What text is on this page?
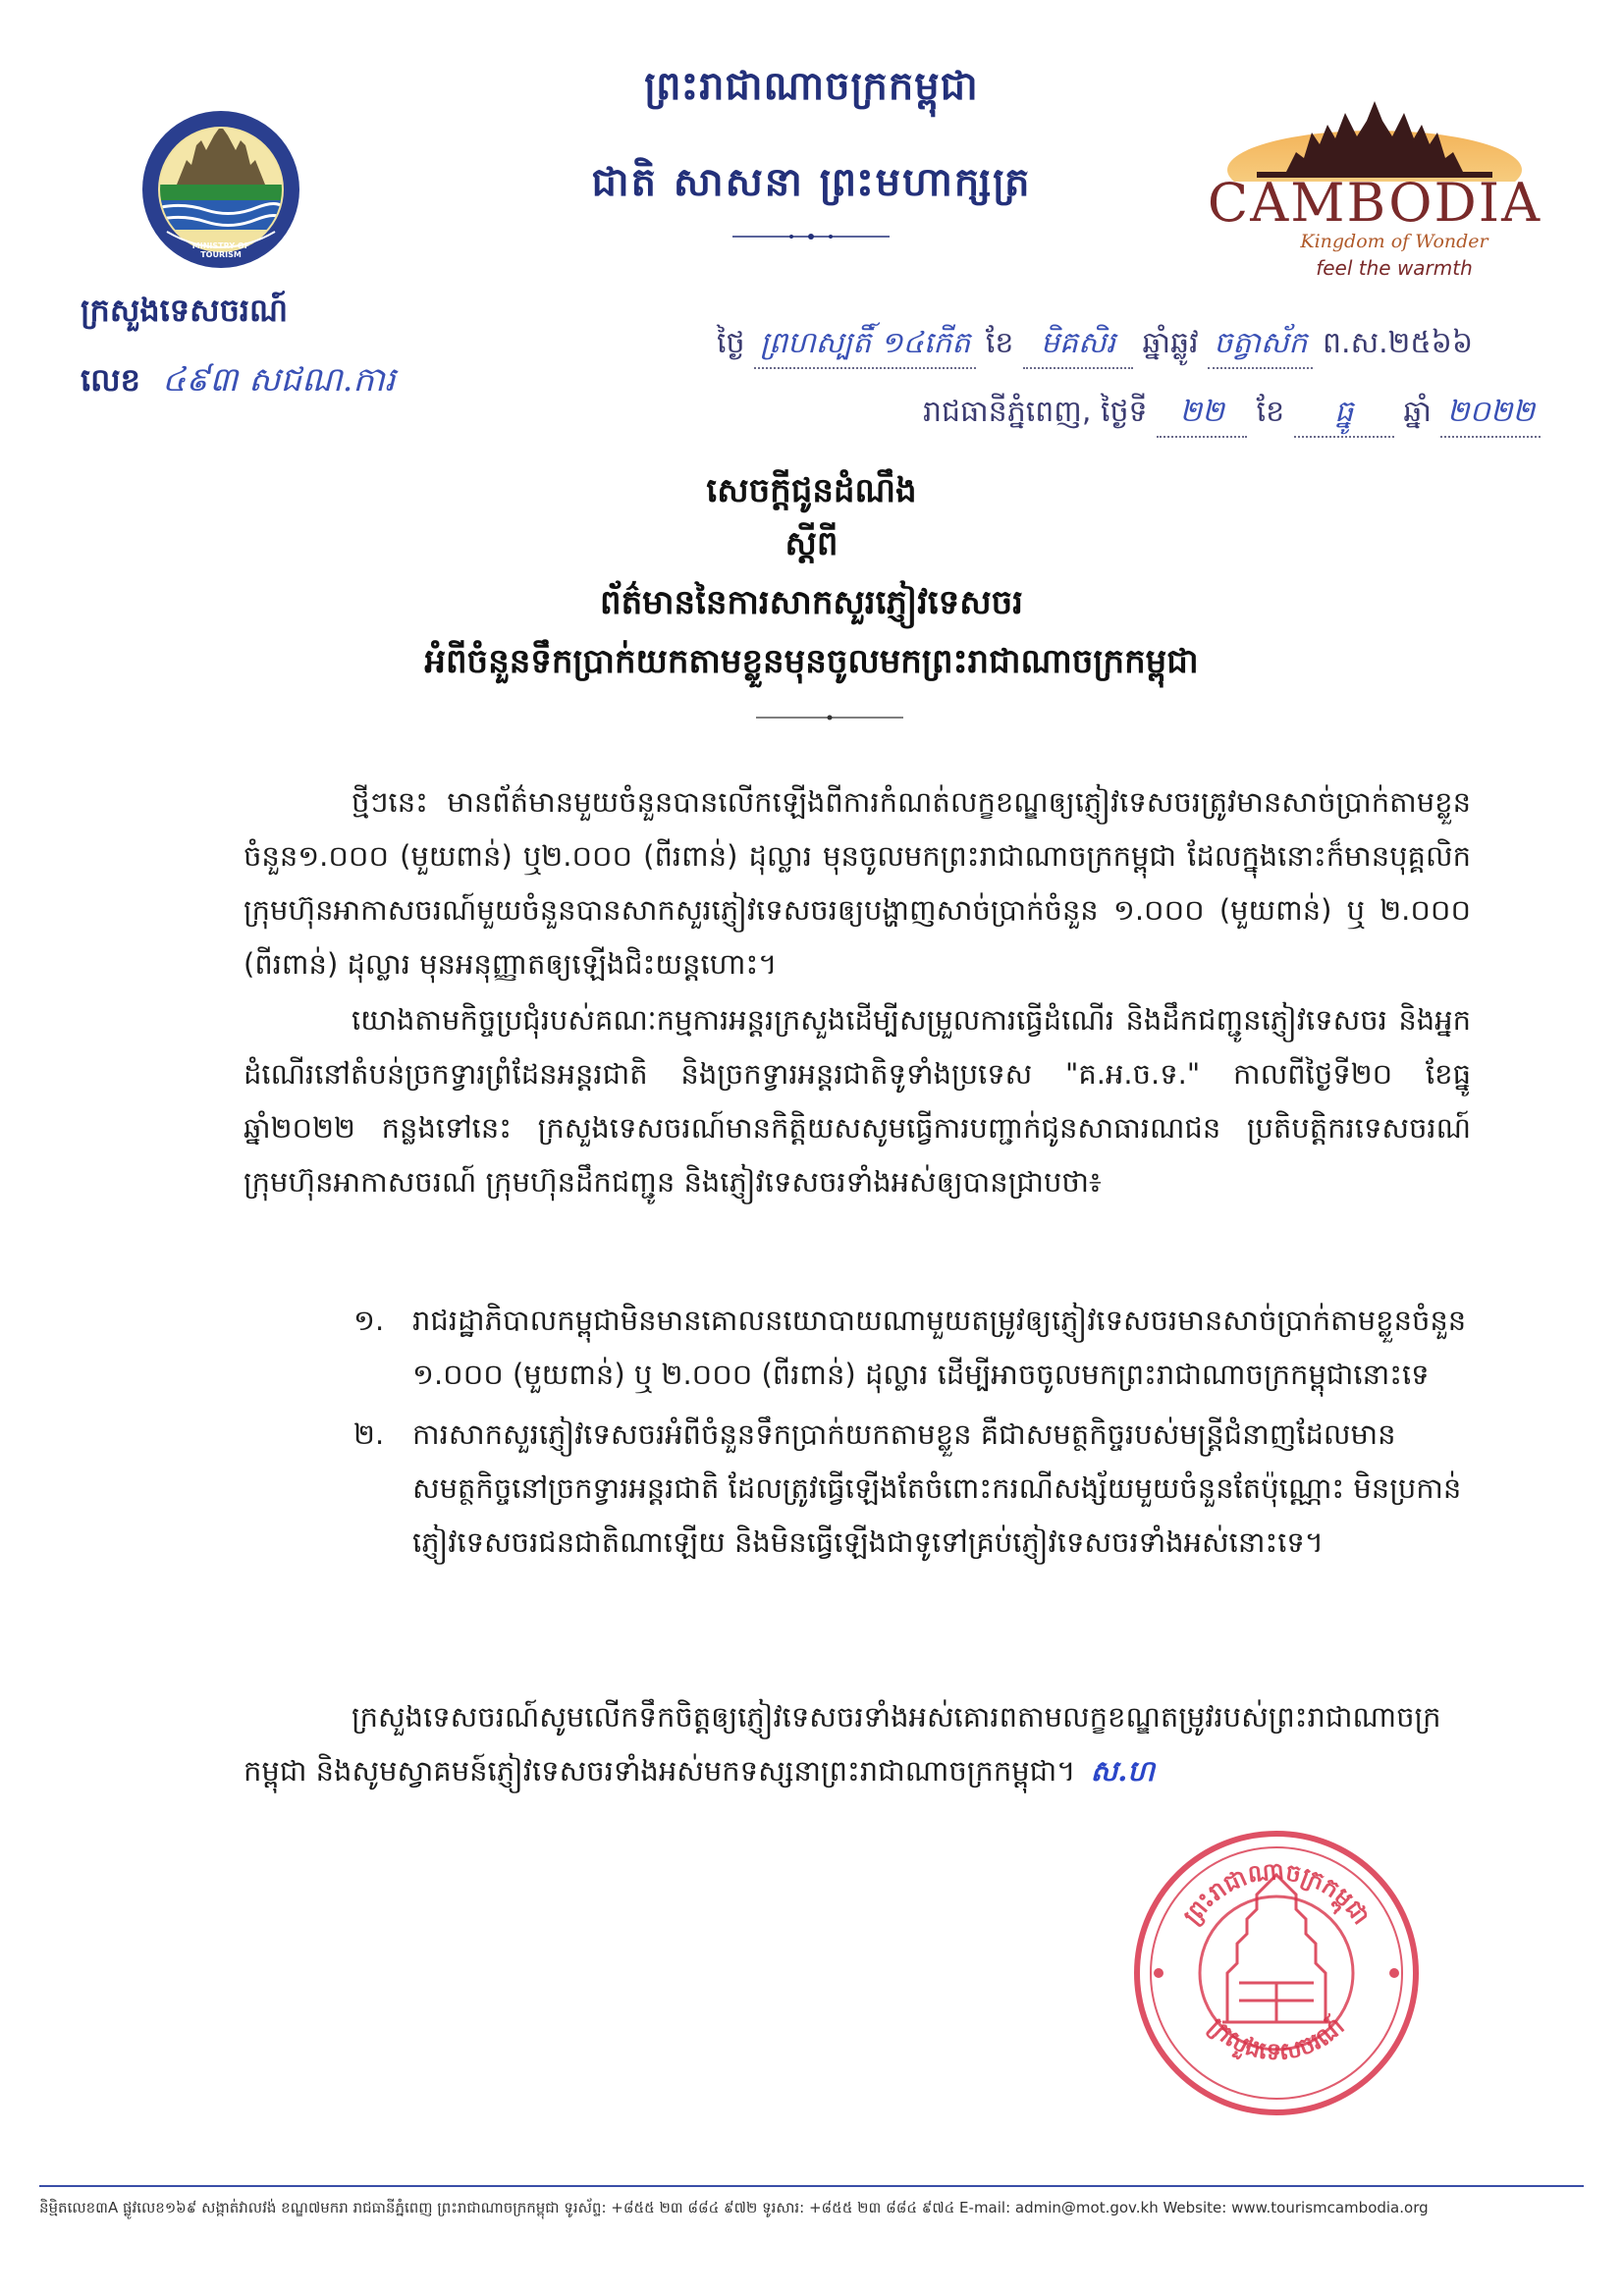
MINISTRY OF TOURISM
ព្រះរាជាណាចក្រកម្ពុជា
ជាតិ សាសនា ព្រះមហាក្សត្រ	CAMBODIA
Kingdom of Wonder
feel the warmth
ក្រសួងទេសចរណ៍
លេខ ៤៩៣ សជណ.ការ
ថ្ងៃ ព្រហស្បតិ៍ ១៤កើត ខែ មិគសិរ ឆ្នាំឆ្លូវ ចត្វាស័ក ព.ស.២៥៦៦
រាជធានីភ្នំពេញ, ថ្ងៃទី ២២ ខែ ធ្នូ ឆ្នាំ ២០២២
សេចក្តីជូនដំណឹង
ស្តីពី
ព័ត៌មាននៃការសាកសួរភ្ញៀវទេសចរ
អំពីចំនួនទឹកប្រាក់យកតាមខ្លួនមុនចូលមកព្រះរាជាណាចក្រកម្ពុជា
ថ្មីៗនេះ មានព័ត៌មានមួយចំនួនបានលើកឡើងពីការកំណត់លក្ខខណ្ឌឲ្យភ្ញៀវទេសចរត្រូវមានសាច់ប្រាក់តាមខ្លួនចំនួន១.០០០ (មួយពាន់) ឬ២.០០០ (ពីរពាន់) ដុល្លារ មុនចូលមកព្រះរាជាណាចក្រកម្ពុជា ដែលក្នុងនោះក៏មានបុគ្គលិកក្រុមហ៊ុនអាកាសចរណ៍មួយចំនួនបានសាកសួរភ្ញៀវទេសចរឲ្យបង្ហាញសាច់ប្រាក់ចំនួន ១.០០០ (មួយពាន់) ឬ ២.០០០ (ពីរពាន់) ដុល្លារ មុនអនុញ្ញាតឲ្យឡើងជិះយន្តហោះ។
យោងតាមកិច្ចប្រជុំរបស់គណៈកម្មការអន្តរក្រសួងដើម្បីសម្រួលការធ្វើដំណើរ និងដឹកជញ្ជូនភ្ញៀវទេសចរ និងអ្នកដំណើរនៅតំបន់ច្រកទ្វារព្រំដែនអន្តរជាតិ និងច្រកទ្វារអន្តរជាតិទូទាំងប្រទេស "គ.អ.ច.ទ." កាលពីថ្ងៃទី២០ ខែធ្នូ ឆ្នាំ២០២២ កន្លងទៅនេះ ក្រសួងទេសចរណ៍មានកិត្តិយសសូមធ្វើការបញ្ជាក់ជូនសាធារណជន ប្រតិបត្តិករទេសចរណ៍ ក្រុមហ៊ុនអាកាសចរណ៍ ក្រុមហ៊ុនដឹកជញ្ជូន និងភ្ញៀវទេសចរទាំងអស់ឲ្យបានជ្រាបថា៖
១. រាជរដ្ឋាភិបាលកម្ពុជាមិនមានគោលនយោបាយណាមួយតម្រូវឲ្យភ្ញៀវទេសចរមានសាច់ប្រាក់តាមខ្លួនចំនួន ១.០០០ (មួយពាន់) ឬ ២.០០០ (ពីរពាន់) ដុល្លារ ដើម្បីអាចចូលមកព្រះរាជាណាចក្រកម្ពុជានោះទេ
២. ការសាកសួរភ្ញៀវទេសចរអំពីចំនួនទឹកប្រាក់យកតាមខ្លួន គឺជាសមត្ថកិច្ចរបស់មន្ត្រីជំនាញដែលមានសមត្ថកិច្ចនៅច្រកទ្វារអន្តរជាតិ ដែលត្រូវធ្វើឡើងតែចំពោះករណីសង្ស័យមួយចំនួនតែប៉ុណ្ណោះ មិនប្រកាន់ភ្ញៀវទេសចរជនជាតិណាឡើយ និងមិនធ្វើឡើងជាទូទៅគ្រប់ភ្ញៀវទេសចរទាំងអស់នោះទេ។
ក្រសួងទេសចរណ៍សូមលើកទឹកចិត្តឲ្យភ្ញៀវទេសចរទាំងអស់គោរពតាមលក្ខខណ្ឌតម្រូវរបស់ព្រះរាជាណាចក្រកម្ពុជា និងសូមស្វាគមន៍ភ្ញៀវទេសចរទាំងអស់មកទស្សនាព្រះរាជាណាចក្រកម្ពុជា។ ស.ហ
ព្រះរាជាណាចក្រកម្ពុជា
ក្រសួងទេសចរណ៍
និម្មិតលេខ៣A ផ្លូវលេខ១៦៩ សង្កាត់វាលវង់ ខណ្ឌ៧មករា រាជធានីភ្នំពេញ ព្រះរាជាណាចក្រកម្ពុជា ទូរស័ព្ទ: +៨៥៥ ២៣ ៨៨៤ ៩៧២ ទូរសារ: +៨៥៥ ២៣ ៨៨៤ ៩៧៤ E-mail: admin@mot.gov.kh Website: www.tourismcambodia.org
